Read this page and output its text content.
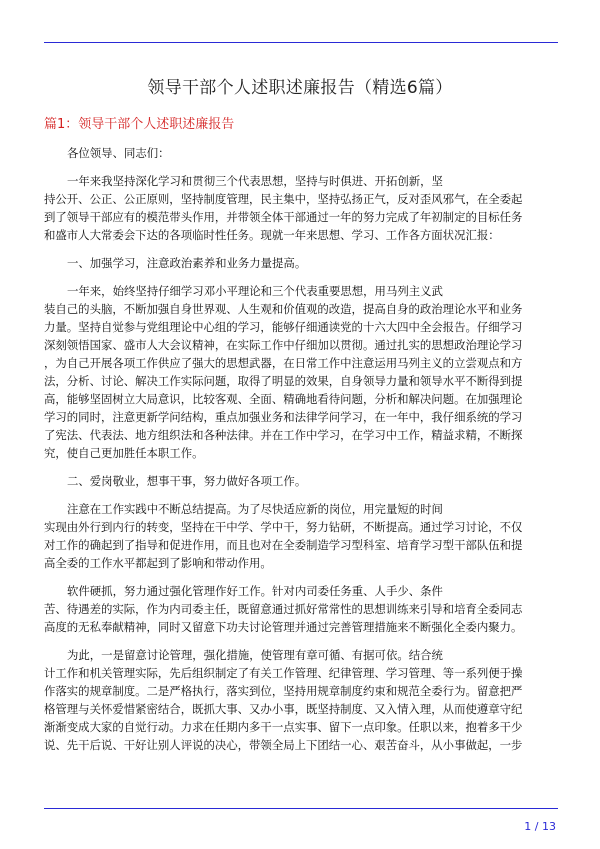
领导干部个人述职述廉报告（精选6篇）
篇1：领导干部个人述职述廉报告
各位领导、同志们：
一年来我坚持深化学习和贯彻三个代表思想，坚持与时俱进、开拓创新，坚
持公开、公正、公正原则，坚持制度管理，民主集中，坚持弘扬正气，反对歪风邪气，在全委起
到了领导干部应有的模范带头作用，并带领全体干部通过一年的努力完成了年初制定的目标任务
和盛市人大常委会下达的各项临时性任务。现就一年来思想、学习、工作各方面状况汇报：
一、加强学习，注意政治素养和业务力量提高。
一年来，始终坚持仔细学习邓小平理论和三个代表重要思想，用马列主义武
装自己的头脑，不断加强自身世界观、人生观和价值观的改造，提高自身的政治理论水平和业务
力量。坚持自觉参与党组理论中心组的学习，能够仔细通读党的十六大四中全会报告。仔细学习
深刻领悟国家、盛市人大会议精神，在实际工作中仔细加以贯彻。通过扎实的思想政治理论学习
，为自己开展各项工作供应了强大的思想武器，在日常工作中注意运用马列主义的立尝观点和方
法，分析、讨论、解决工作实际问题，取得了明显的效果，自身领导力量和领导水平不断得到提
高，能够坚固树立大局意识，比较客观、全面、精确地看待问题，分析和解决问题。在加强理论
学习的同时，注意更新学问结构，重点加强业务和法律学问学习，在一年中，我仔细系统的学习
了宪法、代表法、地方组织法和各种法律。并在工作中学习，在学习中工作，精益求精，不断探
究，使自己更加胜任本职工作。
二、爱岗敬业，想事干事，努力做好各项工作。
注意在工作实践中不断总结提高。为了尽快适应新的岗位，用完量短的时间
实现由外行到内行的转变，坚持在干中学、学中干，努力钻研，不断提高。通过学习讨论，不仅
对工作的确起到了指导和促进作用，而且也对在全委制造学习型科室、培育学习型干部队伍和提
高全委的工作水平都起到了影响和带动作用。
软件硬抓，努力通过强化管理作好工作。针对内司委任务重、人手少、条件
苦、待遇差的实际，作为内司委主任，既留意通过抓好常常性的思想训练来引导和培育全委同志
高度的无私奉献精神，同时又留意下功夫讨论管理并通过完善管理措施来不断强化全委内聚力。
为此，一是留意讨论管理，强化措施，使管理有章可循、有据可依。结合统
计工作和机关管理实际，先后组织制定了有关工作管理、纪律管理、学习管理、等一系列便于操
作落实的规章制度。二是严格执行，落实到位，坚持用规章制度约束和规范全委行为。留意把严
格管理与关怀爱惜紧密结合，既抓大事、又办小事，既坚持制度、又入情入理，从而使遵章守纪
渐渐变成大家的自觉行动。力求在任期内多干一点实事、留下一点印象。任职以来，抱着多干少
说、先干后说、干好让别人评说的决心，带领全局上下团结一心、艰苦奋斗，从小事做起，一步
1 / 13
